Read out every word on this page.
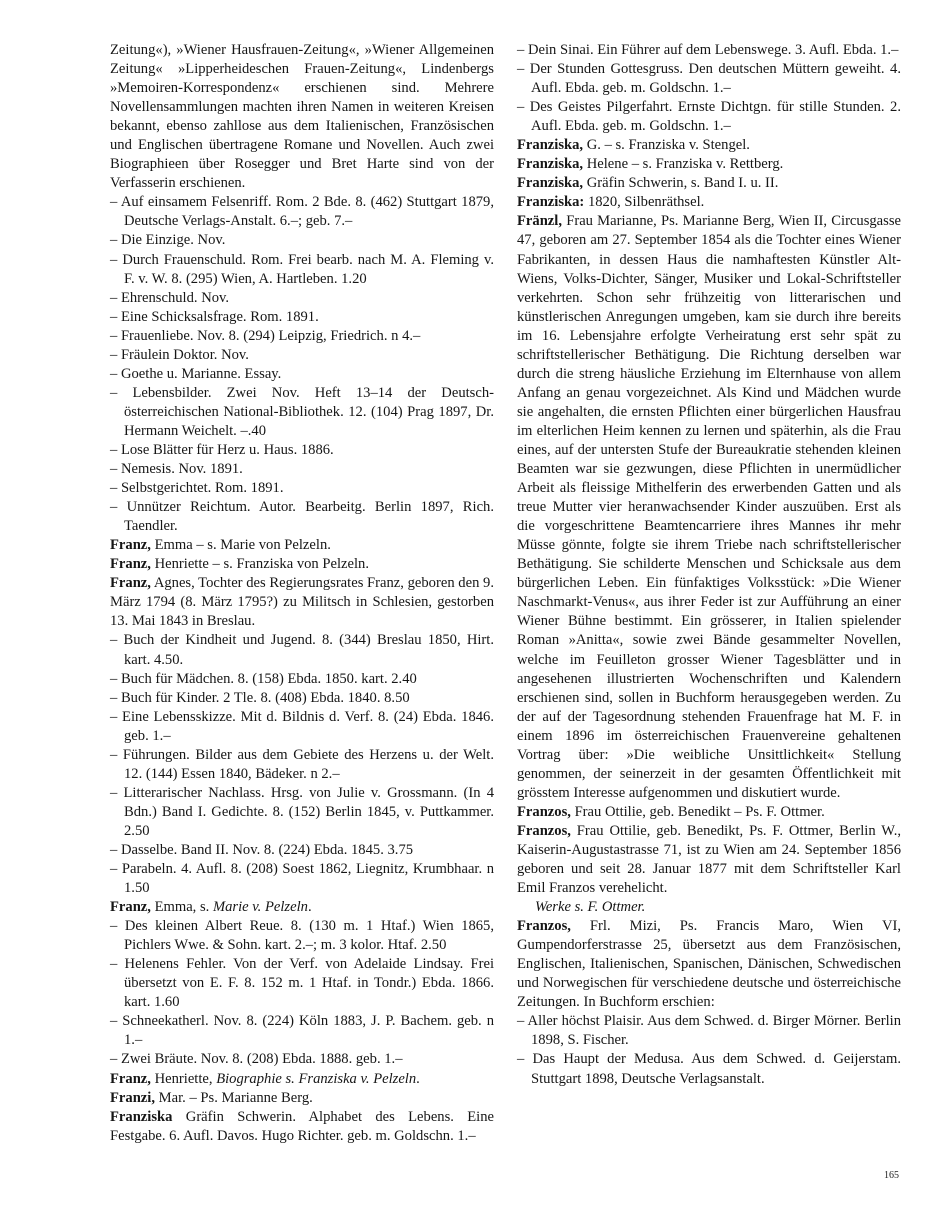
Zeitung«), »Wiener Hausfrauen-Zeitung«, »Wiener Allgemeinen Zeitung« »Lipperheideschen Frauen-Zeitung«, Lindenbergs »Memoiren-Korrespondenz« erschienen sind. Mehrere Novellensammlungen machten ihren Namen in weiteren Kreisen bekannt, ebenso zahllose aus dem Italienischen, Französischen und Englischen übertragene Romane und Novellen. Auch zwei Biographieen über Rosegger und Bret Harte sind von der Verfasserin erschienen.

– Auf einsamem Felsenriff. Rom. 2 Bde. 8. (462) Stuttgart 1879, Deutsche Verlags-Anstalt. 6.–; geb. 7.–

– Die Einzige. Nov.

– Durch Frauenschuld. Rom. Frei bearb. nach M. A. Fleming v. F. v. W. 8. (295) Wien, A. Hartleben. 1.20

– Ehrenschuld. Nov.

– Eine Schicksalsfrage. Rom. 1891.

– Frauenliebe. Nov. 8. (294) Leipzig, Friedrich. n 4.–

– Fräulein Doktor. Nov.

– Goethe u. Marianne. Essay.

– Lebensbilder. Zwei Nov. Heft 13–14 der Deutsch-österreichischen National-Bibliothek. 12. (104) Prag 1897, Dr. Hermann Weichelt. –.40

– Lose Blätter für Herz u. Haus. 1886.

– Nemesis. Nov. 1891.

– Selbstgerichtet. Rom. 1891.

– Unnützer Reichtum. Autor. Bearbeitg. Berlin 1897, Rich. Taendler.

Franz, Emma – s. Marie von Pelzeln.

Franz, Henriette – s. Franziska von Pelzeln.

Franz, Agnes, Tochter des Regierungsrates Franz, geboren den 9. März 1794 (8. März 1795?) zu Militsch in Schlesien, gestorben 13. Mai 1843 in Breslau.

– Buch der Kindheit und Jugend. 8. (344) Breslau 1850, Hirt. kart. 4.50.

– Buch für Mädchen. 8. (158) Ebda. 1850. kart. 2.40

– Buch für Kinder. 2 Tle. 8. (408) Ebda. 1840. 8.50

– Eine Lebensskizze. Mit d. Bildnis d. Verf. 8. (24) Ebda. 1846. geb. 1.–

– Führungen. Bilder aus dem Gebiete des Herzens u. der Welt. 12. (144) Essen 1840, Bädeker. n 2.–

– Litterarischer Nachlass. Hrsg. von Julie v. Grossmann. (In 4 Bdn.) Band I. Gedichte. 8. (152) Berlin 1845, v. Puttkammer. 2.50

– Dasselbe. Band II. Nov. 8. (224) Ebda. 1845. 3.75

– Parabeln. 4. Aufl. 8. (208) Soest 1862, Liegnitz, Krumbhaar. n 1.50

Franz, Emma, s. Marie v. Pelzeln.

– Des kleinen Albert Reue. 8. (130 m. 1 Htaf.) Wien 1865, Pichlers Wwe. & Sohn. kart. 2.–; m. 3 kolor. Htaf. 2.50

– Helenens Fehler. Von der Verf. von Adelaide Lindsay. Frei übersetzt von E. F. 8. 152 m. 1 Htaf. in Tondr.) Ebda. 1866. kart. 1.60

– Schneekatherl. Nov. 8. (224) Köln 1883, J. P. Bachem. geb. n 1.–

– Zwei Bräute. Nov. 8. (208) Ebda. 1888. geb. 1.–

Franz, Henriette, Biographie s. Franziska v. Pelzeln.

Franzi, Mar. – Ps. Marianne Berg.

Franziska Gräfin Schwerin. Alphabet des Lebens. Eine Festgabe. 6. Aufl. Davos. Hugo Richter. geb. m. Goldschn. 1.–

– Dein Sinai. Ein Führer auf dem Lebenswege. 3. Aufl. Ebda. 1.–

– Der Stunden Gottesgruss. Den deutschen Müttern geweiht. 4. Aufl. Ebda. geb. m. Goldschn. 1.–

– Des Geistes Pilgerfahrt. Ernste Dichtgn. für stille Stunden. 2. Aufl. Ebda. geb. m. Goldschn. 1.–

Franziska, G. – s. Franziska v. Stengel.

Franziska, Helene – s. Franziska v. Rettberg.

Franziska, Gräfin Schwerin, s. Band I. u. II.

Franziska: 1820, Silbenräthsel.

Fränzl, Frau Marianne, Ps. Marianne Berg, Wien II, Circusgasse 47, geboren am 27. September 1854 als die Tochter eines Wiener Fabrikanten, in dessen Haus die namhaftesten Künstler Alt-Wiens, Volks-Dichter, Sänger, Musiker und Lokal-Schriftsteller verkehrten. Schon sehr frühzeitig von litterarischen und künstlerischen Anregungen umgeben, kam sie durch ihre bereits im 16. Lebensjahre erfolgte Verheiratung erst sehr spät zu schriftstellerischer Bethätigung. Die Richtung derselben war durch die streng häusliche Erziehung im Elternhause von allem Anfang an genau vorgezeichnet. Als Kind und Mädchen wurde sie angehalten, die ernsten Pflichten einer bürgerlichen Hausfrau im elterlichen Heim kennen zu lernen und späterhin, als die Frau eines, auf der untersten Stufe der Bureaukratie stehenden kleinen Beamten war sie gezwungen, diese Pflichten in unermüdlicher Arbeit als fleissige Mithelferin des erwerbenden Gatten und als treue Mutter vier heranwachsender Kinder auszuüben. Erst als die vorgeschrittene Beamtencarriere ihres Mannes ihr mehr Müsse gönnte, folgte sie ihrem Triebe nach schriftstellerischer Bethätigung. Sie schilderte Menschen und Schicksale aus dem bürgerlichen Leben. Ein fünfaktiges Volksstück: »Die Wiener Naschmarkt-Venus«, aus ihrer Feder ist zur Aufführung an einer Wiener Bühne bestimmt. Ein grösserer, in Italien spielender Roman »Anitta«, sowie zwei Bände gesammelter Novellen, welche im Feuilleton grosser Wiener Tagesblätter und in angesehenen illustrierten Wochenschriften und Kalendern erschienen sind, sollen in Buchform herausgegeben werden. Zu der auf der Tagesordnung stehenden Frauenfrage hat M. F. in einem 1896 im österreichischen Frauenvereine gehaltenen Vortrag über: »Die weibliche Unsittlichkeit« Stellung genommen, der seinerzeit in der gesamten Öffentlichkeit mit grösstem Interesse aufgenommen und diskutiert wurde.

Franzos, Frau Ottilie, geb. Benedikt – Ps. F. Ottmer.

Franzos, Frau Ottilie, geb. Benedikt, Ps. F. Ottmer, Berlin W., Kaiserin-Augustastrasse 71, ist zu Wien am 24. September 1856 geboren und seit 28. Januar 1877 mit dem Schriftsteller Karl Emil Franzos verehelicht.

Werke s. F. Ottmer.

Franzos, Frl. Mizi, Ps. Francis Maro, Wien VI, Gumpendorferstrasse 25, übersetzt aus dem Französischen, Englischen, Italienischen, Spanischen, Dänischen, Schwedischen und Norwegischen für verschiedene deutsche und österreichische Zeitungen. In Buchform erschien:

– Aller höchst Plaisir. Aus dem Schwed. d. Birger Mörner. Berlin 1898, S. Fischer.

– Das Haupt der Medusa. Aus dem Schwed. d. Geijerstam. Stuttgart 1898, Deutsche Verlagsanstalt.

165
